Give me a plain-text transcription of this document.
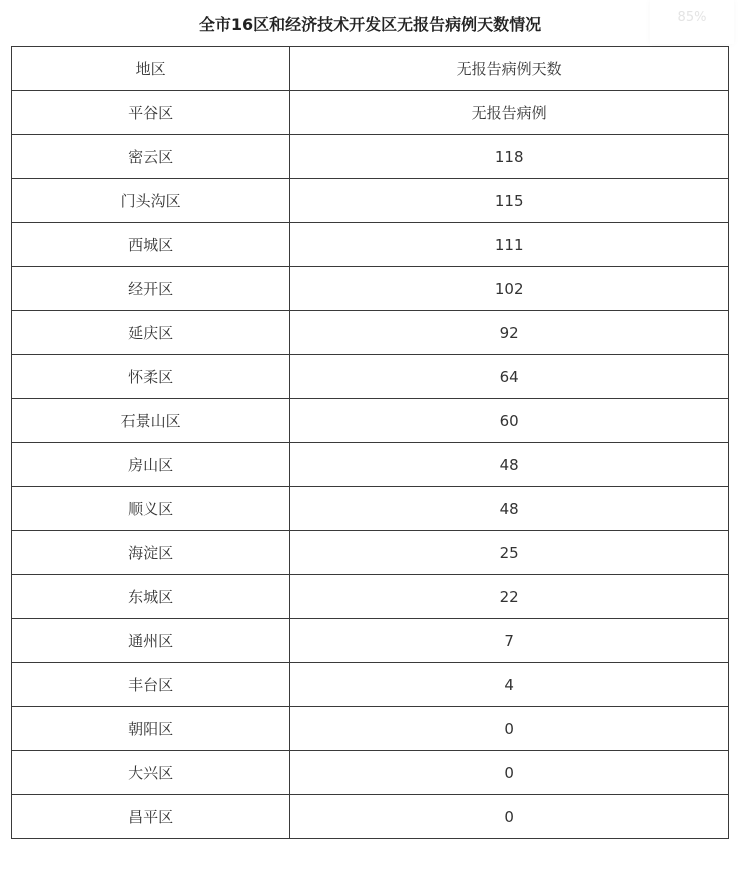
全市16区和经济技术开发区无报告病例天数情况	85%
地区	无报告病例天数
平谷区	无报告病例
密云区	118
门头沟区	115
西城区	111
经开区	102
延庆区	92
怀柔区	64
石景山区	60
房山区	48
顺义区	48
海淀区	25
东城区	22
通州区	7
丰台区	4
朝阳区	0
大兴区	0
昌平区	0
